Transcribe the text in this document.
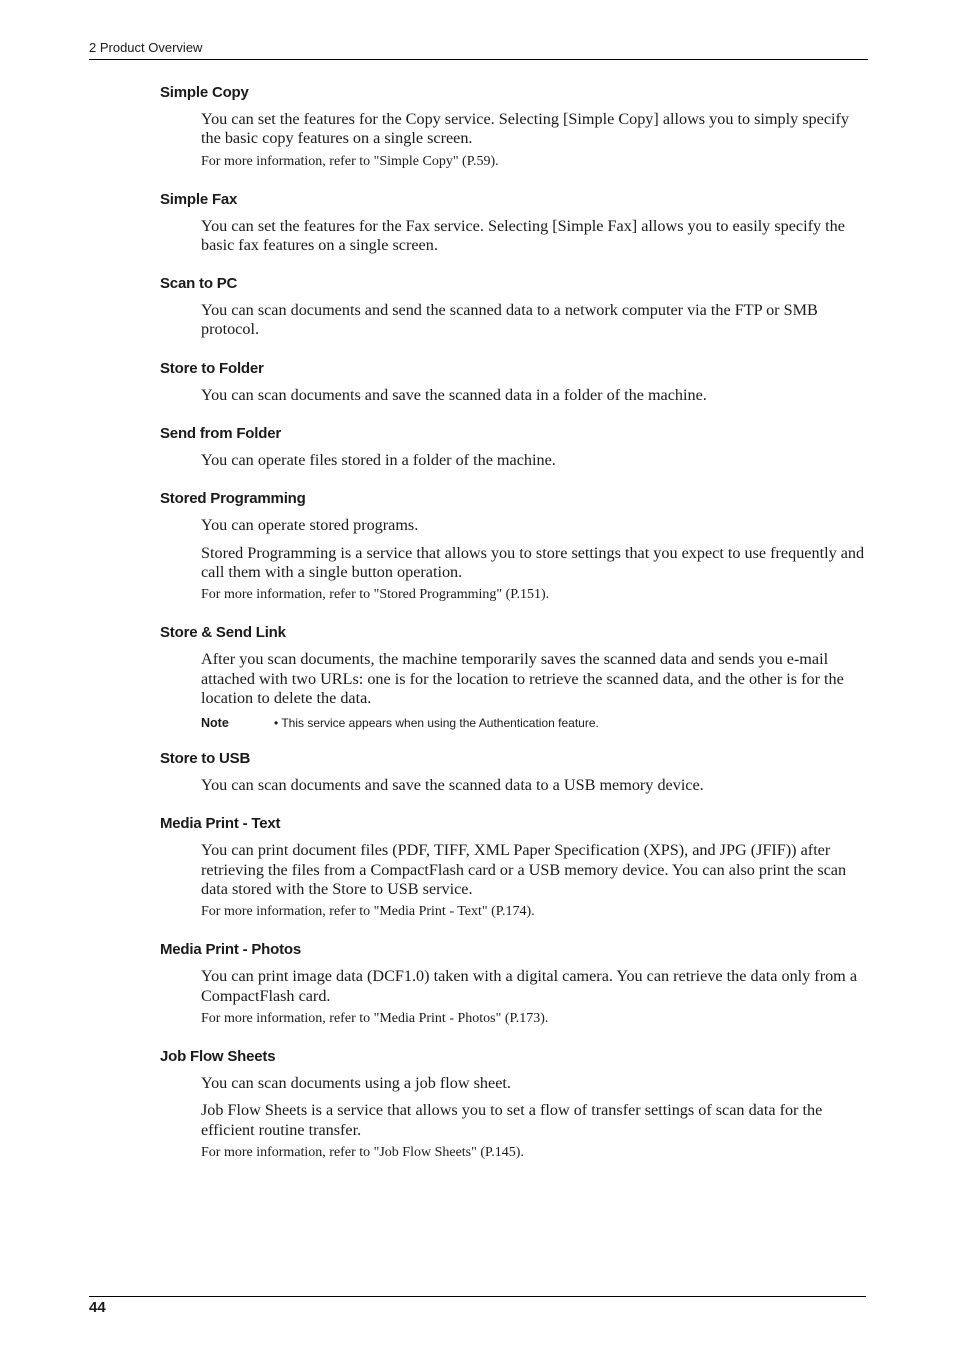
2 Product Overview
Simple Copy

You can set the features for the Copy service. Selecting [Simple Copy] allows you to simply specify the basic copy features on a single screen.

For more information, refer to "Simple Copy" (P.59).

Simple Fax

You can set the features for the Fax service. Selecting [Simple Fax] allows you to easily specify the basic fax features on a single screen.

Scan to PC

You can scan documents and send the scanned data to a network computer via the FTP or SMB protocol.

Store to Folder

You can scan documents and save the scanned data in a folder of the machine.

Send from Folder

You can operate files stored in a folder of the machine.

Stored Programming

You can operate stored programs.

Stored Programming is a service that allows you to store settings that you expect to use frequently and call them with a single button operation.

For more information, refer to "Stored Programming" (P.151).

Store & Send Link

After you scan documents, the machine temporarily saves the scanned data and sends you e-mail attached with two URLs: one is for the location to retrieve the scanned data, and the other is for the location to delete the data.

Note	• This service appears when using the Authentication feature.
Store to USB

You can scan documents and save the scanned data to a USB memory device.

Media Print - Text

You can print document files (PDF, TIFF, XML Paper Specification (XPS), and JPG (JFIF)) after retrieving the files from a CompactFlash card or a USB memory device. You can also print the scan data stored with the Store to USB service.

For more information, refer to "Media Print - Text" (P.174).

Media Print - Photos

You can print image data (DCF1.0) taken with a digital camera. You can retrieve the data only from a CompactFlash card.

For more information, refer to "Media Print - Photos" (P.173).

Job Flow Sheets

You can scan documents using a job flow sheet.

Job Flow Sheets is a service that allows you to set a flow of transfer settings of scan data for the efficient routine transfer.

For more information, refer to "Job Flow Sheets" (P.145).

44
